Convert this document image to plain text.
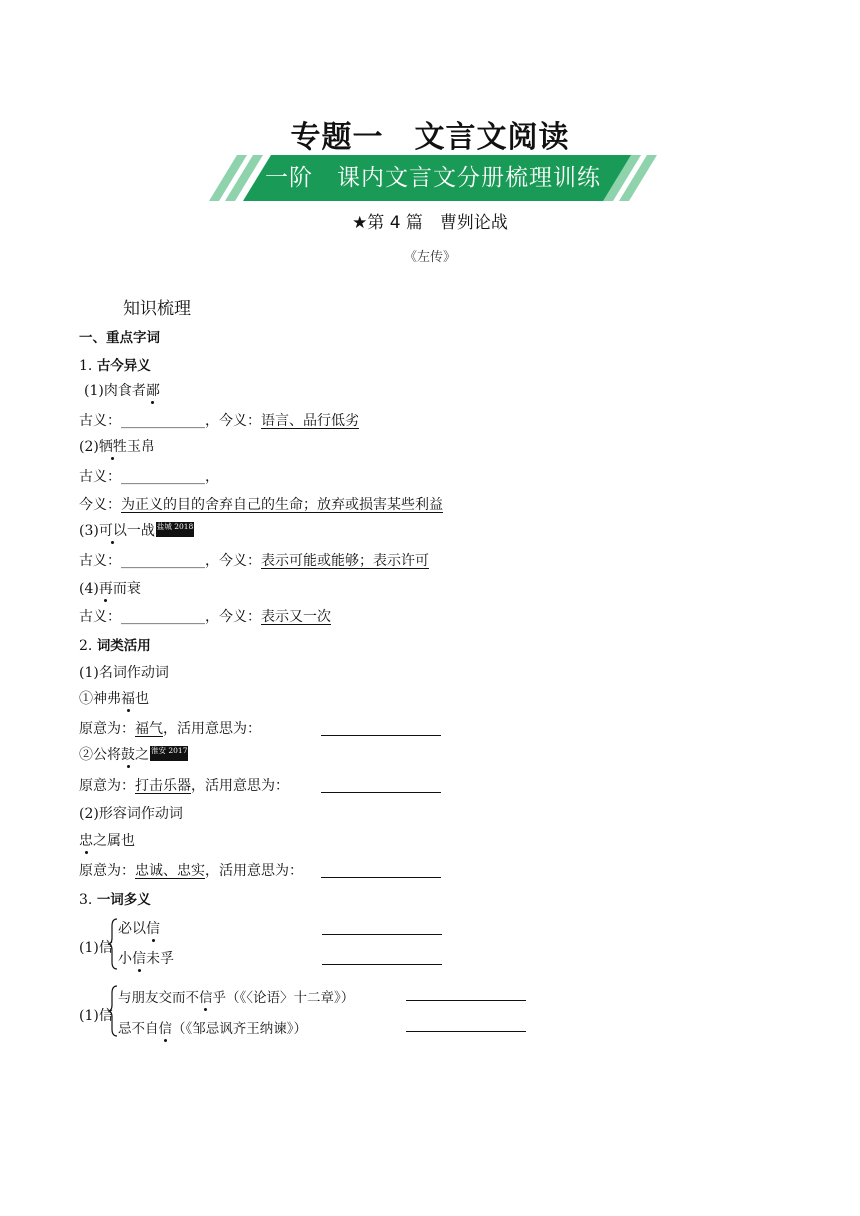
专题一　文言文阅读
一阶　课内文言文分册梳理训练
★第 4 篇　曹刿论战
《左传》
知识梳理
一、重点字词
1. 古今异义
(1)肉食者鄙
古义：____________，今义：语言、品行低劣
(2)牺牲玉帛
古义：____________，
今义：为正义的目的舍弃自己的生命；放弃或损害某些利益
(3)可以一战 盐城 2018
古义：____________，今义：表示可能或能够；表示许可
(4)再而衰
古义：____________，今义：表示又一次
2. 词类活用
(1)名词作动词
①神弗福也
原意为：福气，活用意思为：
②公将鼓之 淮安 2017
原意为：打击乐器，活用意思为：
(2)形容词作动词
忠之属也
原意为：忠诚、忠实，活用意思为：
3. 一词多义
(1)信
必以信
小信未孚
(1)信
与朋友交而不信乎（《〈论语〉十二章》）
忌不自信（《邹忌讽齐王纳谏》）
